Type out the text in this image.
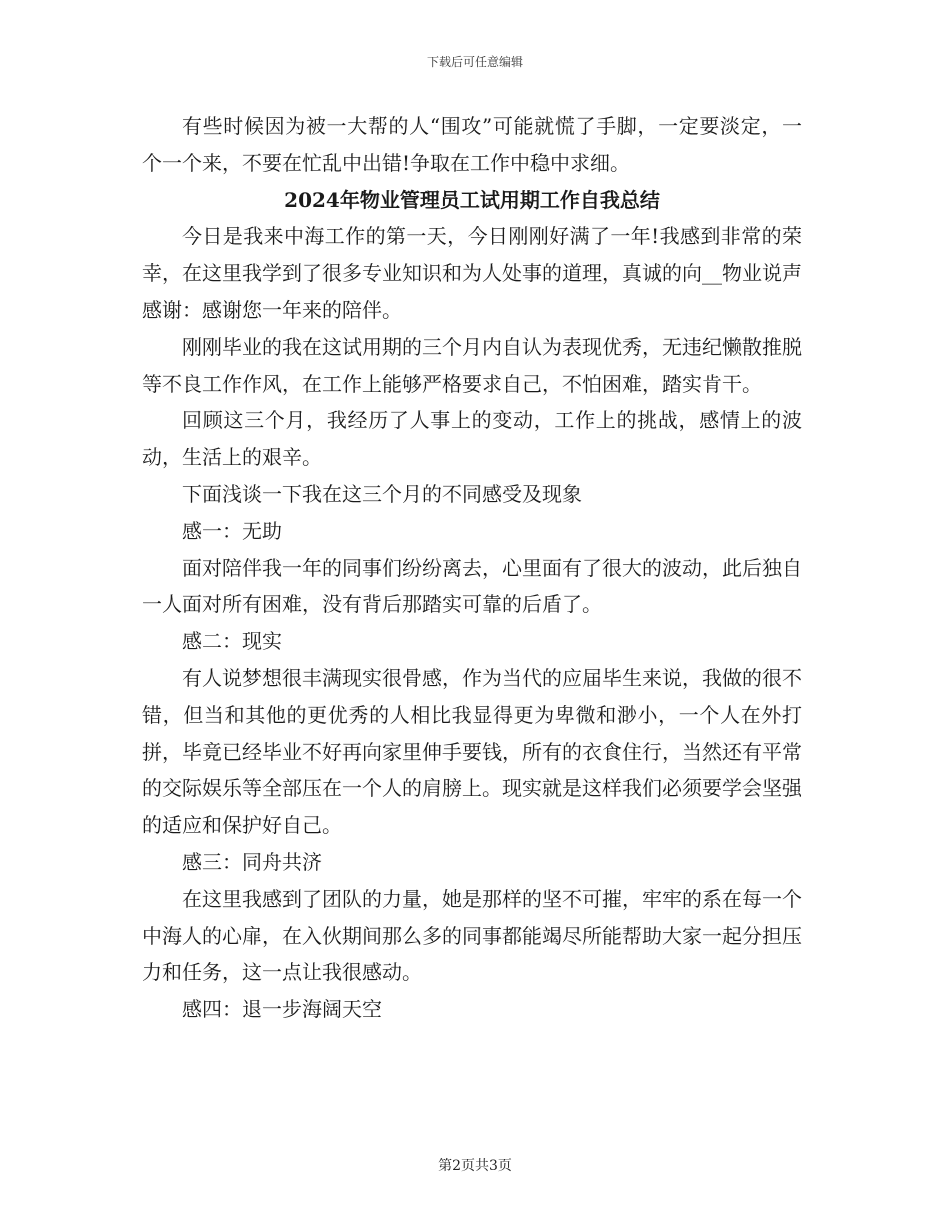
下载后可任意编辑

有些时候因为被一大帮的人“围攻”可能就慌了手脚，一定要淡定，一个一个来，不要在忙乱中出错!争取在工作中稳中求细。

2024年物业管理员工试用期工作自我总结

今日是我来中海工作的第一天，今日刚刚好满了一年!我感到非常的荣幸，在这里我学到了很多专业知识和为人处事的道理，真诚的向__物业说声感谢：感谢您一年来的陪伴。

刚刚毕业的我在这试用期的三个月内自认为表现优秀，无违纪懒散推脱等不良工作作风，在工作上能够严格要求自己，不怕困难，踏实肯干。

回顾这三个月，我经历了人事上的变动，工作上的挑战，感情上的波动，生活上的艰辛。

下面浅谈一下我在这三个月的不同感受及现象

感一：无助

面对陪伴我一年的同事们纷纷离去，心里面有了很大的波动，此后独自一人面对所有困难，没有背后那踏实可靠的后盾了。

感二：现实

有人说梦想很丰满现实很骨感，作为当代的应届毕生来说，我做的很不错，但当和其他的更优秀的人相比我显得更为卑微和渺小，一个人在外打拼，毕竟已经毕业不好再向家里伸手要钱，所有的衣食住行，当然还有平常的交际娱乐等全部压在一个人的肩膀上。现实就是这样我们必须要学会坚强的适应和保护好自己。

感三：同舟共济

在这里我感到了团队的力量，她是那样的坚不可摧，牢牢的系在每一个中海人的心扉，在入伙期间那么多的同事都能竭尽所能帮助大家一起分担压力和任务，这一点让我很感动。

感四：退一步海阔天空

第2页共3页
